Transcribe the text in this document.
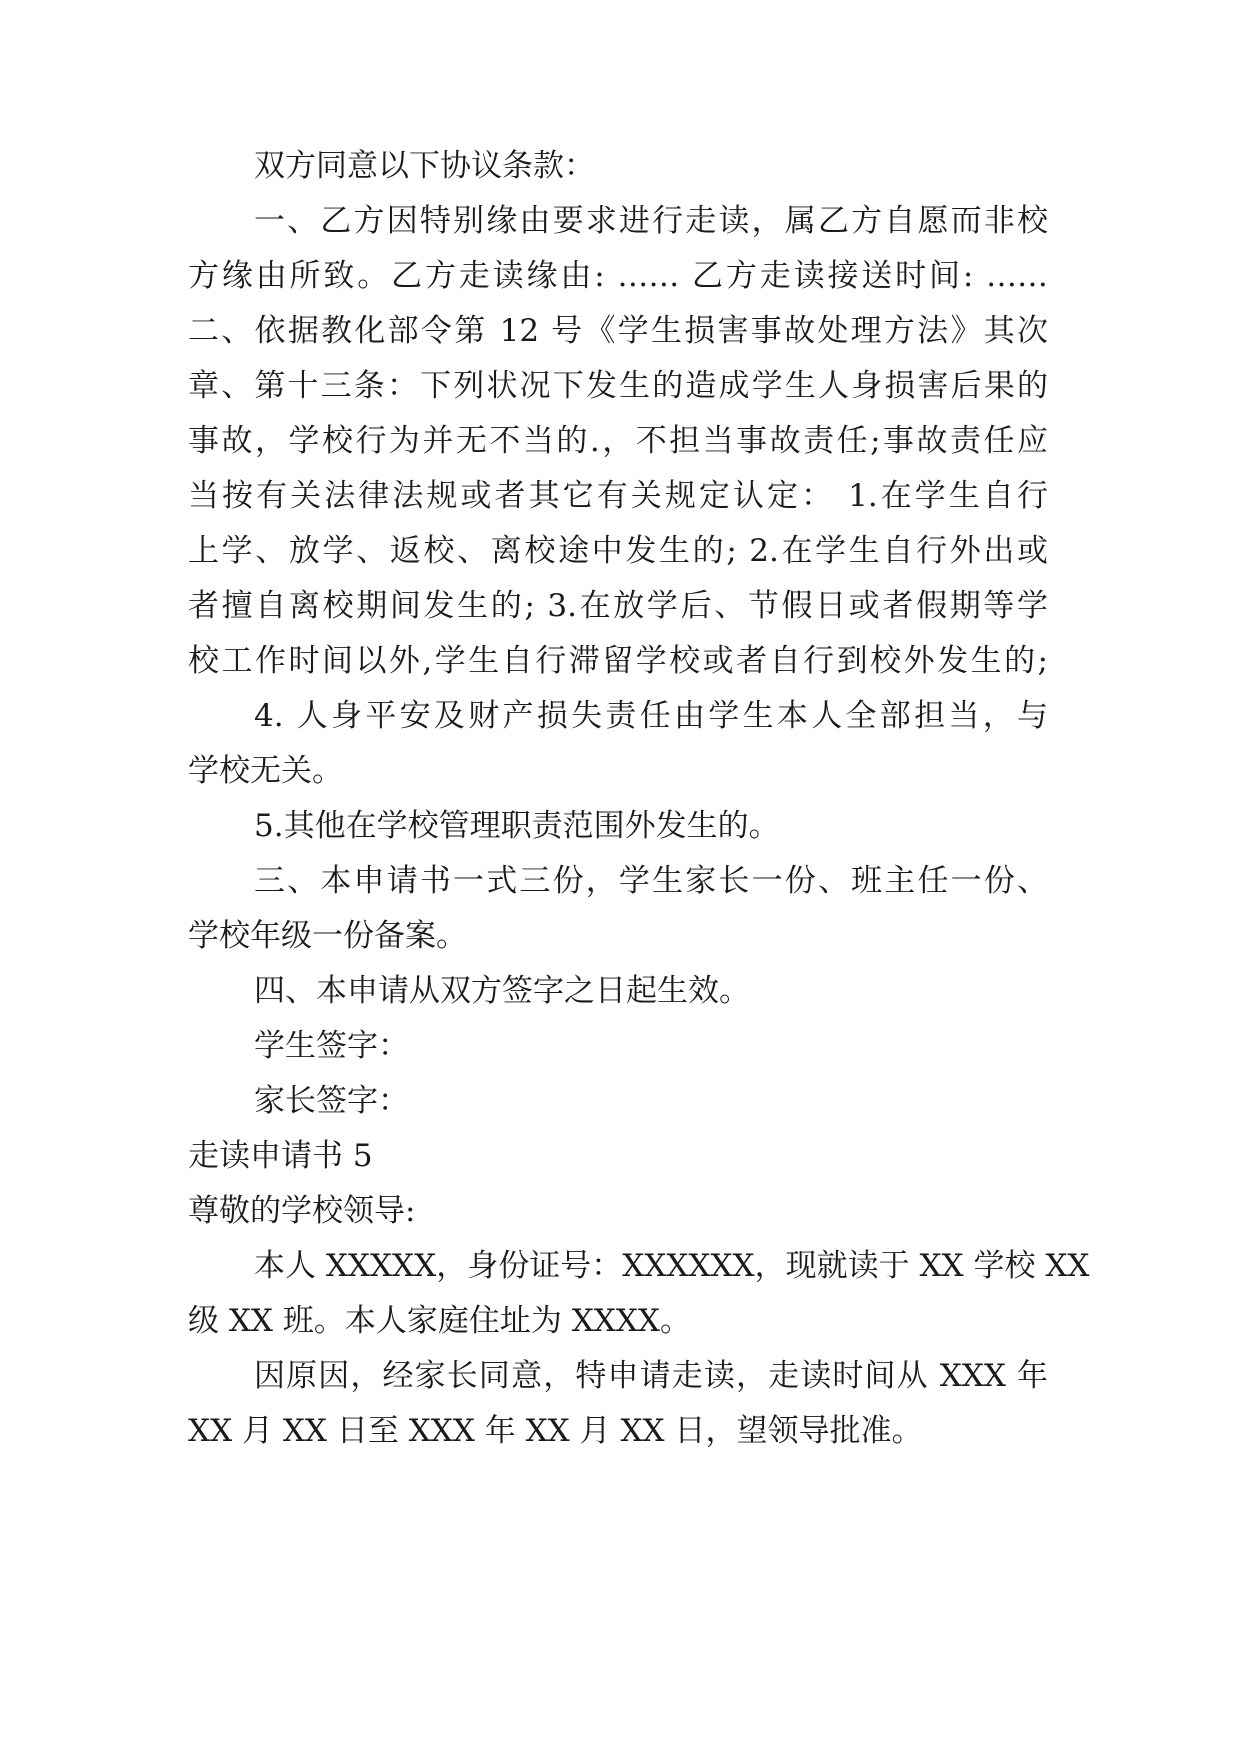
双方同意以下协议条款：
一、乙方因特别缘由要求进行走读，属乙方自愿而非校
方缘由所致。乙方走读缘由: …… 乙方走读接送时间: ……
二、依据教化部令第 12 号《学生损害事故处理方法》其次
章、第十三条：下列状况下发生的造成学生人身损害后果的
事故，学校行为并无不当的.，不担当事故责任;事故责任应
当按有关法律法规或者其它有关规定认定： 1.在学生自行
上学、放学、返校、离校途中发生的; 2.在学生自行外出或
者擅自离校期间发生的; 3.在放学后、节假日或者假期等学
校工作时间以外,学生自行滞留学校或者自行到校外发生的;
4. 人身平安及财产损失责任由学生本人全部担当，与
学校无关。
5.其他在学校管理职责范围外发生的。
三、本申请书一式三份，学生家长一份、班主任一份、
学校年级一份备案。
四、本申请从双方签字之日起生效。
学生签字：
家长签字：
走读申请书 5
尊敬的学校领导:
本人 XXXXX，身份证号：XXXXXX，现就读于 XX 学校 XX
级 XX 班。本人家庭住址为 XXXX。
因原因，经家长同意，特申请走读，走读时间从 XXX 年
XX 月 XX 日至 XXX 年 XX 月 XX 日，望领导批准。
